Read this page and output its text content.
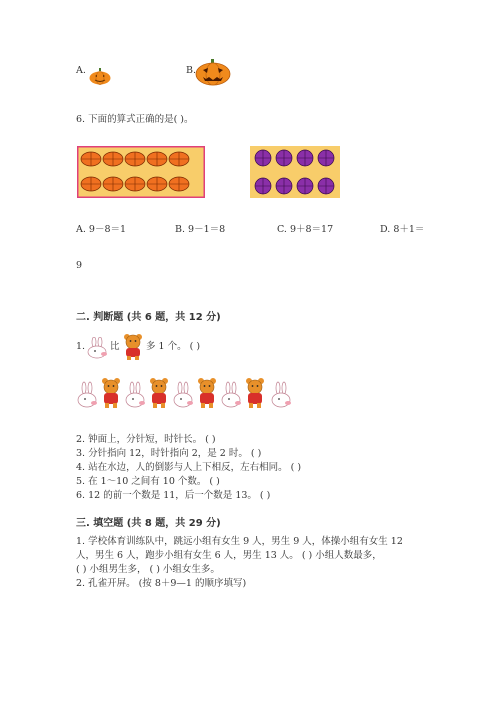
A.	B.
6. 下面的算式正确的是( )。
A. 9－8＝1	B. 9－1＝8	C. 9＋8＝17	D. 8＋1＝
9
二. 判断题 (共 6 题，共 12 分)
1.	比	多 1 个。 ( )
2. 钟面上，分针短，时针长。 ( )
3. 分针指向 12，时针指向 2，是 2 时。 ( )
4. 站在水边，人的倒影与人上下相反，左右相同。 ( )
5. 在 1～10 之间有 10 个数。 ( )
6. 12 的前一个数是 11，后一个数是 13。 ( )
三. 填空题 (共 8 题，共 29 分)
1. 学校体育训练队中，跳远小组有女生 9 人，男生 9 人，体操小组有女生 12
人，男生 6 人，跑步小组有女生 6 人，男生 13 人。 ( ) 小组人数最多，
( ) 小组男生多， ( ) 小组女生多。
2. 孔雀开屏。 (按 8＋9—1 的顺序填写)
